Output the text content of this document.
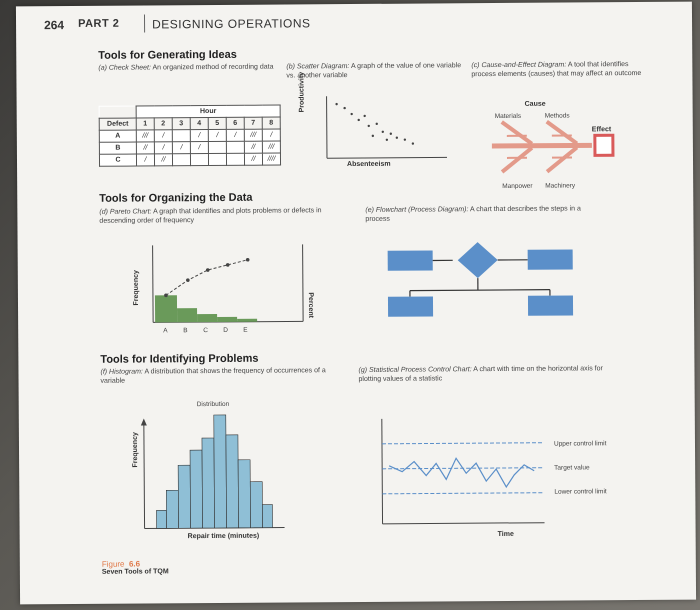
264 PART 2	DESIGNING OPERATIONS
Tools for Generating Ideas
(a) Check Sheet: An organized method of recording data
	Hour							
Defect	1	2	3	4	5	6	7	8
A	///	/		/	/	/	///	/
B	//	/	/	/			//	///
C	/	//					//	////
(b) Scatter Diagram: A graph of the value of one variable vs. another variable
Productivity
Absenteeism
(c) Cause-and-Effect Diagram: A tool that identifies process elements (causes) that may affect an outcome
Cause
Materials	Methods
Effect
Manpower Machinery
Tools for Organizing the Data
(d) Pareto Chart: A graph that identifies and plots problems or defects in descending order of frequency
Frequency	Percent
A B C D E
(e) Flowchart (Process Diagram): A chart that describes the steps in a process
Tools for Identifying Problems
(f) Histogram: A distribution that shows the frequency of occurrences of a variable
Distribution
Frequency
Repair time (minutes)
(g) Statistical Process Control Chart: A chart with time on the horizontal axis for plotting values of a statistic
Upper control limit
Target value
Lower control limit
Time
Figure 6.6
Seven Tools of TQM
